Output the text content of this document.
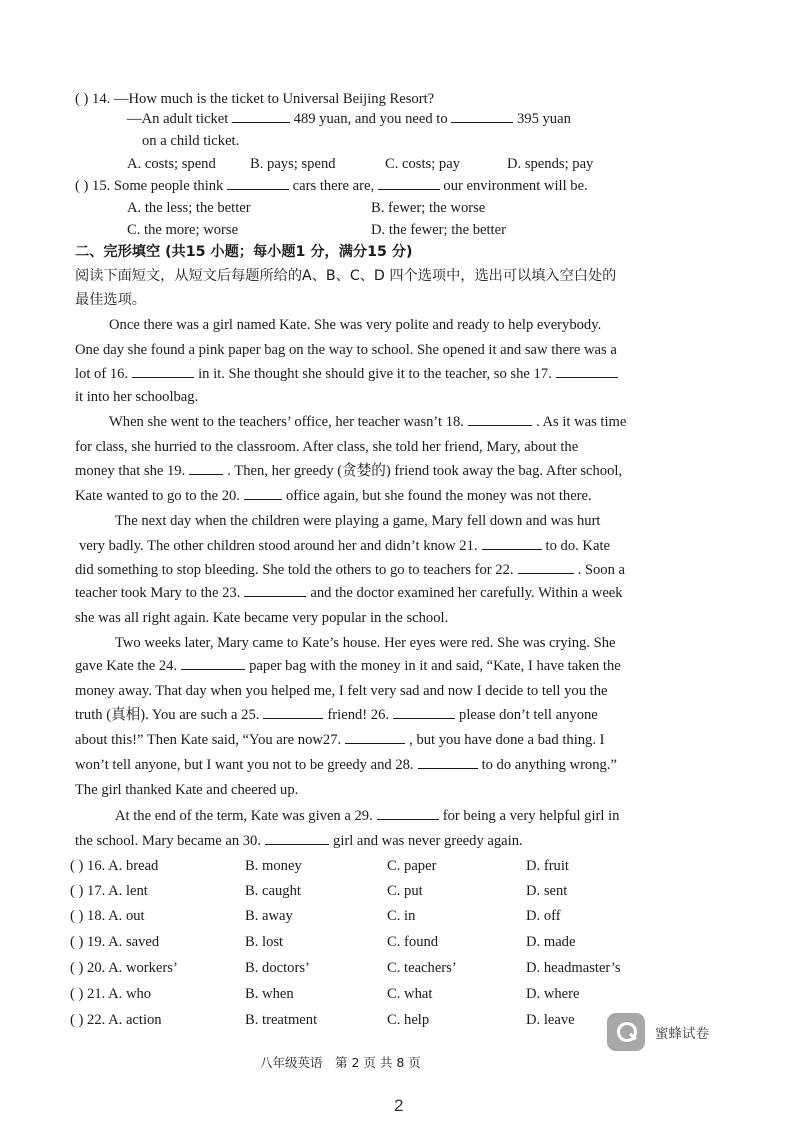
( ) 14. —How much is the ticket to Universal Beijing Resort?
—An adult ticket	489 yuan, and you need to	395 yuan
on a child ticket.
A. costs; spend B. pays; spend	C. costs; pay	D. spends; pay
( ) 15. Some people think	cars there are,	our environment will be.
A. the less; the better	B. fewer; the worse
C. the more; worse	D. the fewer; the better
二、完形填空 (共15 小题；每小题1 分，满分15 分)
阅读下面短文，从短文后每题所给的A、B、C、D 四个选项中，选出可以填入空白处的
最佳选项。
Once there was a girl named Kate. She was very polite and ready to help everybody.
One day she found a pink paper bag on the way to school. She opened it and saw there was a
lot of 16.	in it. She thought she should give it to the teacher, so she 17.
it into her schoolbag.
When she went to the teachers’ office, her teacher wasn’t 18.	. As it was time
for class, she hurried to the classroom. After class, she told her friend, Mary, about the
money that she 19.	. Then, her greedy (贪婪的) friend took away the bag. After school,
Kate wanted to go to the 20.	office again, but she found the money was not there.
The next day when the children were playing a game, Mary fell down and was hurt
very badly. The other children stood around her and didn’t know 21.	to do. Kate
did something to stop bleeding. She told the others to go to teachers for 22.	. Soon a
teacher took Mary to the 23.	and the doctor examined her carefully. Within a week
she was all right again. Kate became very popular in the school.
Two weeks later, Mary came to Kate’s house. Her eyes were red. She was crying. She
gave Kate the 24.	paper bag with the money in it and said, “Kate, I have taken the
money away. That day when you helped me, I felt very sad and now I decide to tell you the
truth (真相). You are such a 25.	friend! 26.	please don’t tell anyone
about this!” Then Kate said, “You are now27.	, but you have done a bad thing. I
won’t tell anyone, but I want you not to be greedy and 28.	to do anything wrong.”
The girl thanked Kate and cheered up.
At the end of the term, Kate was given a 29.	for being a very helpful girl in
the school. Mary became an 30.	girl and was never greedy again.
( ) 16. A. bread	B. money	C. paper	D. fruit
( ) 17. A. lent	B. caught	C. put	D. sent
( ) 18. A. out	B. away	C. in	D. off
( ) 19. A. saved	B. lost	C. found	D. made
( ) 20. A. workers’	B. doctors’	C. teachers’	D. headmaster’s
( ) 21. A. who	B. when	C. what	D. where
( ) 22. A. action	B. treatment	C. help	D. leave
八年级英语　第 2 页 共 8 页
2
蜜蜂试卷
